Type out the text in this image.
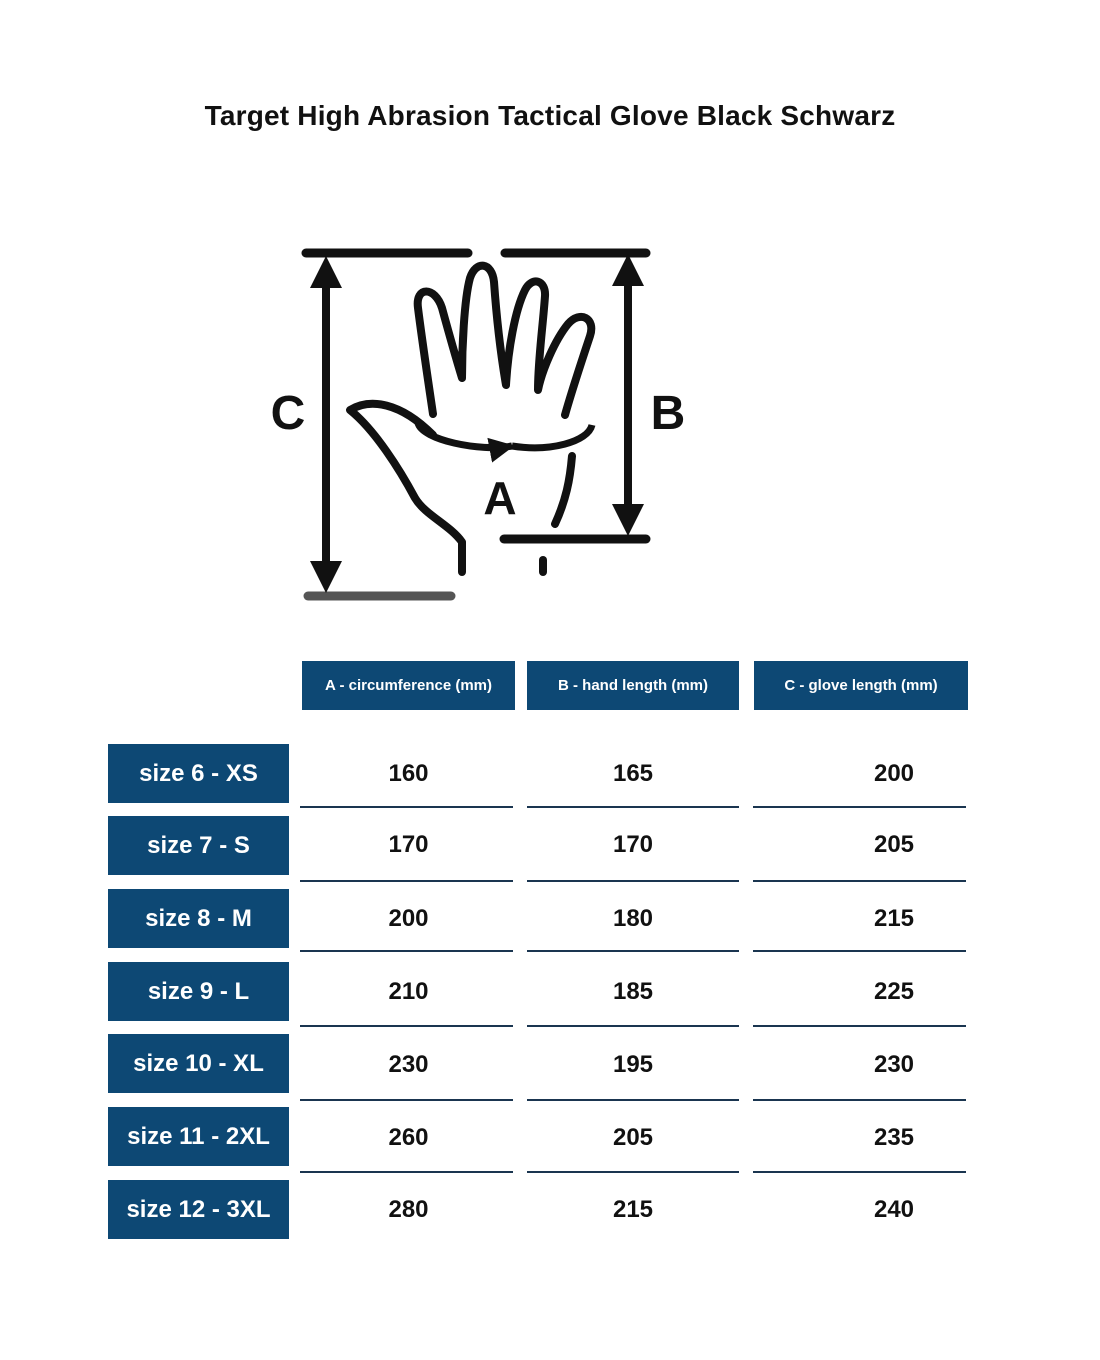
Target High Abrasion Tactical Glove Black Schwarz
C	B
A
A - circumference (mm)	B - hand length (mm)	C - glove length (mm)
size 6 - XS	160	165	200
size 7 - S	170	170	205
size 8 - M	200	180	215
size 9 - L	210	185	225
size 10 - XL	230	195	230
size 11 - 2XL	260	205	235
size 12 - 3XL	280	215	240
